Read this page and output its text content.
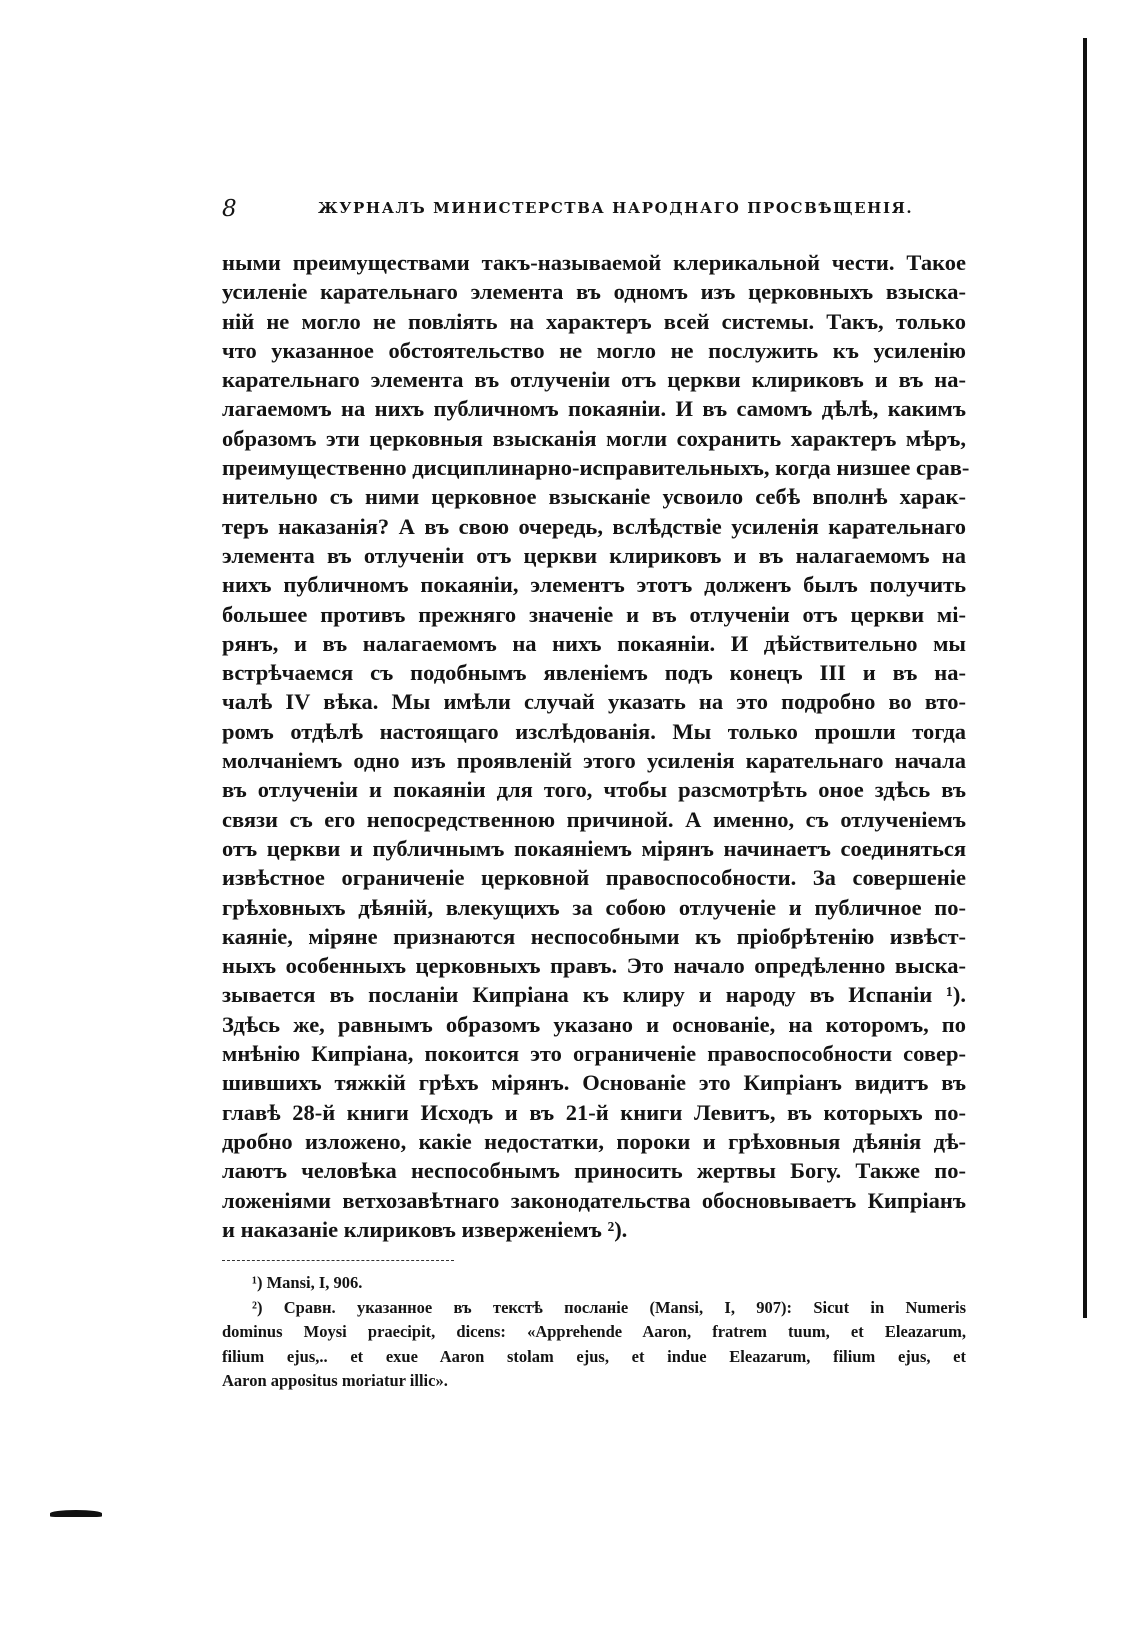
8	ЖУРНАЛЪ МИНИСТЕРСТВА НАРОДНАГО ПРОСВѢЩЕНІЯ.
ными преимуществами такъ-называемой клерикальной чести. Такое
усиленіе карательнаго элемента въ одномъ изъ церковныхъ взыска-
ній не могло не повліять на характеръ всей системы. Такъ, только
что указанное обстоятельство не могло не послужить къ усиленію
карательнаго элемента въ отлученіи отъ церкви клириковъ и въ на-
лагаемомъ на нихъ публичномъ покаяніи. И въ самомъ дѣлѣ, какимъ
образомъ эти церковныя взысканія могли сохранить характеръ мѣръ,
преимущественно дисциплинарно-исправительныхъ, когда низшее срав-
нительно съ ними церковное взысканіе усвоило себѣ вполнѣ харак-
теръ наказанія? А въ свою очередь, вслѣдствіе усиленія карательнаго
элемента въ отлученіи отъ церкви клириковъ и въ налагаемомъ на
нихъ публичномъ покаяніи, элементъ этотъ долженъ былъ получить
большее противъ прежняго значеніе и въ отлученіи отъ церкви мі-
рянъ, и въ налагаемомъ на нихъ покаяніи. И дѣйствительно мы
встрѣчаемся съ подобнымъ явленіемъ подъ конецъ III и въ на-
чалѣ IV вѣка. Мы имѣли случай указать на это подробно во вто-
ромъ отдѣлѣ настоящаго изслѣдованія. Мы только прошли тогда
молчаніемъ одно изъ проявленій этого усиленія карательнаго начала
въ отлученіи и покаяніи для того, чтобы разсмотрѣть оное здѣсь въ
связи съ его непосредственною причиной. А именно, съ отлученіемъ
отъ церкви и публичнымъ покаяніемъ мірянъ начинаетъ соединяться
извѣстное ограниченіе церковной правоспособности. За совершеніе
грѣховныхъ дѣяній, влекущихъ за собою отлученіе и публичное по-
каяніе, міряне признаются неспособными къ пріобрѣтенію извѣст-
ныхъ особенныхъ церковныхъ правъ. Это начало опредѣленно выска-
зывается въ посланіи Кипріана къ клиру и народу въ Испаніи ¹).
Здѣсь же, равнымъ образомъ указано и основаніе, на которомъ, по
мнѣнію Кипріана, покоится это ограниченіе правоспособности совер-
шившихъ тяжкій грѣхъ мірянъ. Основаніе это Кипріанъ видитъ въ
главѣ 28-й книги Исходъ и въ 21-й книги Левитъ, въ которыхъ по-
дробно изложено, какіе недостатки, пороки и грѣховныя дѣянія дѣ-
лаютъ человѣка неспособнымъ приносить жертвы Богу. Также по-
ложеніями ветхозавѣтнаго законодательства обосновываетъ Кипріанъ
и наказаніе клириковъ изверженіемъ ²).
¹) Mansi, I, 906.
²) Сравн. указанное въ текстѣ посланіе (Mansi, I, 907): Sicut in Numeris
dominus Moysi praecipit, dicens: «Apprehende Aaron, fratrem tuum, et Eleazarum,
filium ejus,.. et exue Aaron stolam ejus, et indue Eleazarum, filium ejus, et
Aaron appositus moriatur illic».
